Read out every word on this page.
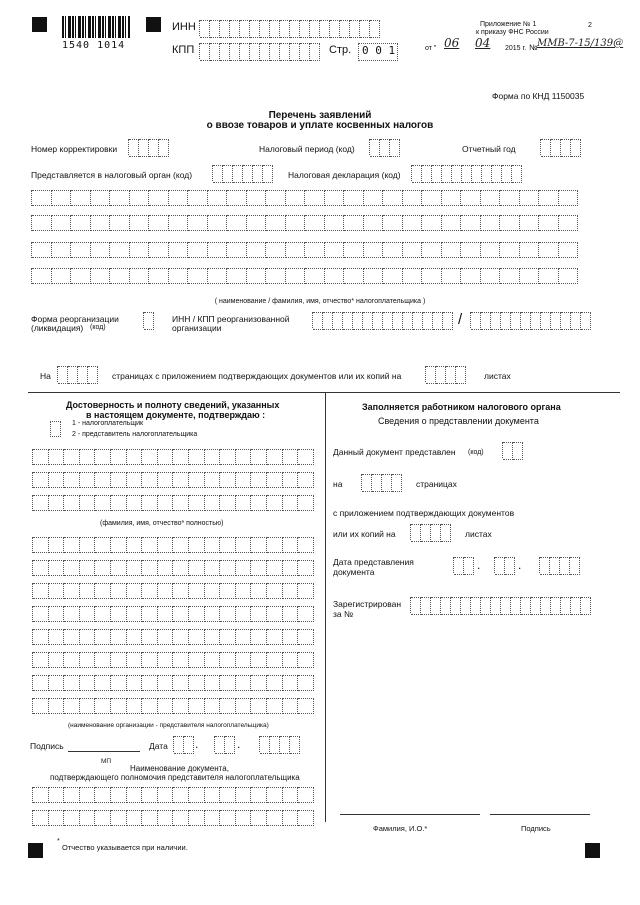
1540 1014
ИНН
КПП	Стр. 0 0 1
Приложение № 1
к приказу ФНС России
2
от " 06 04 2015 г. № ММВ-7-15/139@
Форма по КНД 1150035
Перечень заявлений
о ввозе товаров и уплате косвенных налогов
Номер корректировки	Налоговый период (код)	Отчетный год
Представляется в налоговый орган (код)	Налоговая декларация (код)
( наименование / фамилия, имя, отчество* налогоплательщика )
Форма реорганизации
(ликвидация) (код)
ИНН / КПП реорганизованной
организации	/
На	страницах с приложением подтверждающих документов или их копий на	листах
Достоверность и полноту сведений, указанных
в настоящем документе, подтверждаю :
1 - налогоплательщик
2 - представитель налогоплательщика
(фамилия, имя, отчество* полностью)
(наименование организации - представителя налогоплательщика)
Подпись	Дата .	.
МП
Наименование документа,
подтверждающего полномочия представителя налогоплательщика
Заполняется работником налогового органа
Сведения о представлении документа
Данный документ представлен (код)
на	страницах
с приложением подтверждающих документов
или их копий на	листах
Дата представления
документа	.	.
Зарегистрирован
за №
Фамилия, И.О.*	Подпись
*
Отчество указывается при наличии.
